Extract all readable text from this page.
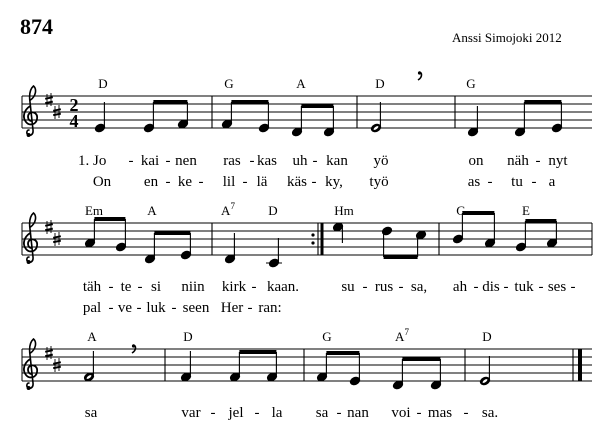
874	Anssi Simojoki 2012
D	G	A	D	G
1. Jo - kai - nen ras - kas uh - kan yö	on näh - nyt
On en - ke - lil - lä käs - ky, työ	as - tu - a
Em	A	$A^7$	D	Hm	G	E
täh - te - si niin kirk - kaan.	su - rus - sa, ah - dis - tuk - ses -
pal - ve - luk - seen Her - ran:
A	D	G	$A^7$	D
sa	var - jel - la sa - nan voi - mas - sa.
2
4
